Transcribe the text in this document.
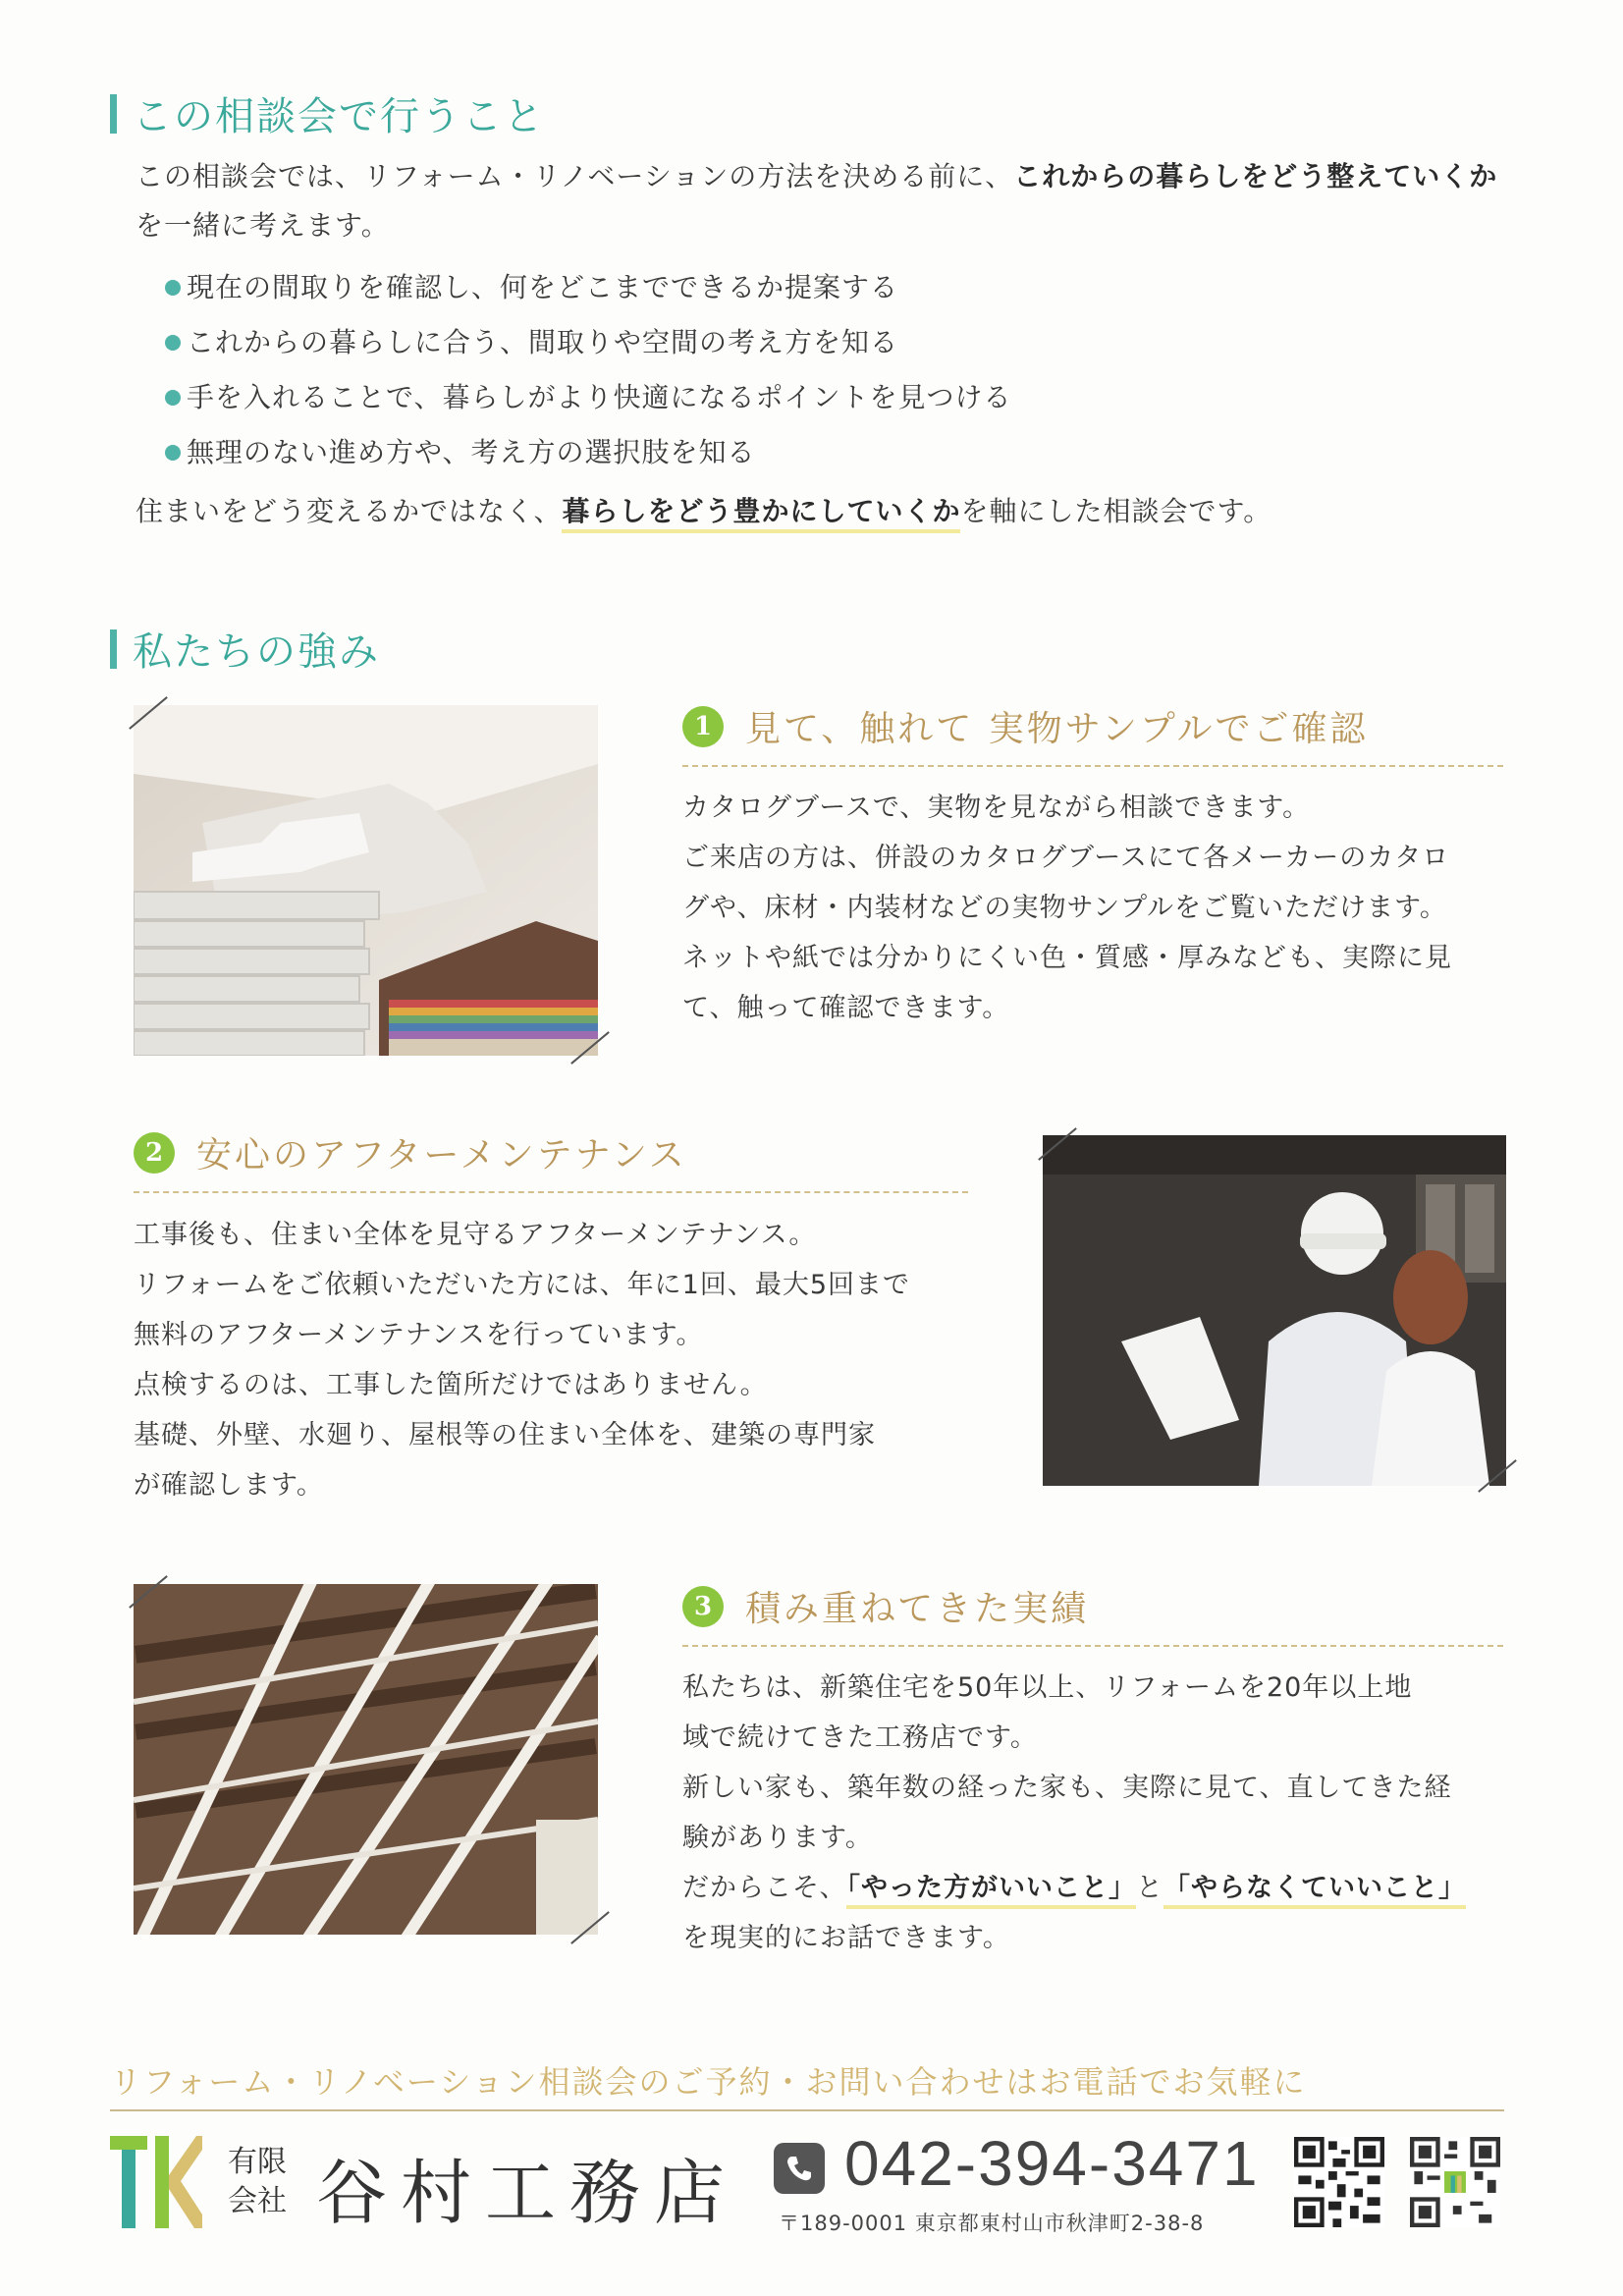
この相談会で行うこと
この相談会では、リフォーム・リノベーションの方法を決める前に、これからの暮らしをどう整えていくか
を一緒に考えます。
現在の間取りを確認し、何をどこまでできるか提案する
これからの暮らしに合う、間取りや空間の考え方を知る
手を入れることで、暮らしがより快適になるポイントを見つける
無理のない進め方や、考え方の選択肢を知る
住まいをどう変えるかではなく、暮らしをどう豊かにしていくかを軸にした相談会です。
私たちの強み
1 見て、触れて 実物サンプルでご確認
カタログブースで、実物を見ながら相談できます。
ご来店の方は、併設のカタログブースにて各メーカーのカタロ
グや、床材・内装材などの実物サンプルをご覧いただけます。
ネットや紙では分かりにくい色・質感・厚みなども、実際に見
て、触って確認できます。
2 安心のアフターメンテナンス
工事後も、住まい全体を見守るアフターメンテナンス。
リフォームをご依頼いただいた方には、年に1回、最大5回まで
無料のアフターメンテナンスを行っています。
点検するのは、工事した箇所だけではありません。
基礎、外壁、水廻り、屋根等の住まい全体を、建築の専門家
が確認します。
3 積み重ねてきた実績
私たちは、新築住宅を50年以上、リフォームを20年以上地
域で続けてきた工務店です。
新しい家も、築年数の経った家も、実際に見て、直してきた経
験があります。
だからこそ、「やった方がいいこと」と「やらなくていいこと」
を現実的にお話できます。
リフォーム・リノベーション相談会のご予約・お問い合わせはお電話でお気軽に
有限
会社 谷村工務店 042-394-3471
〒189-0001 東京都東村山市秋津町2-38-8
